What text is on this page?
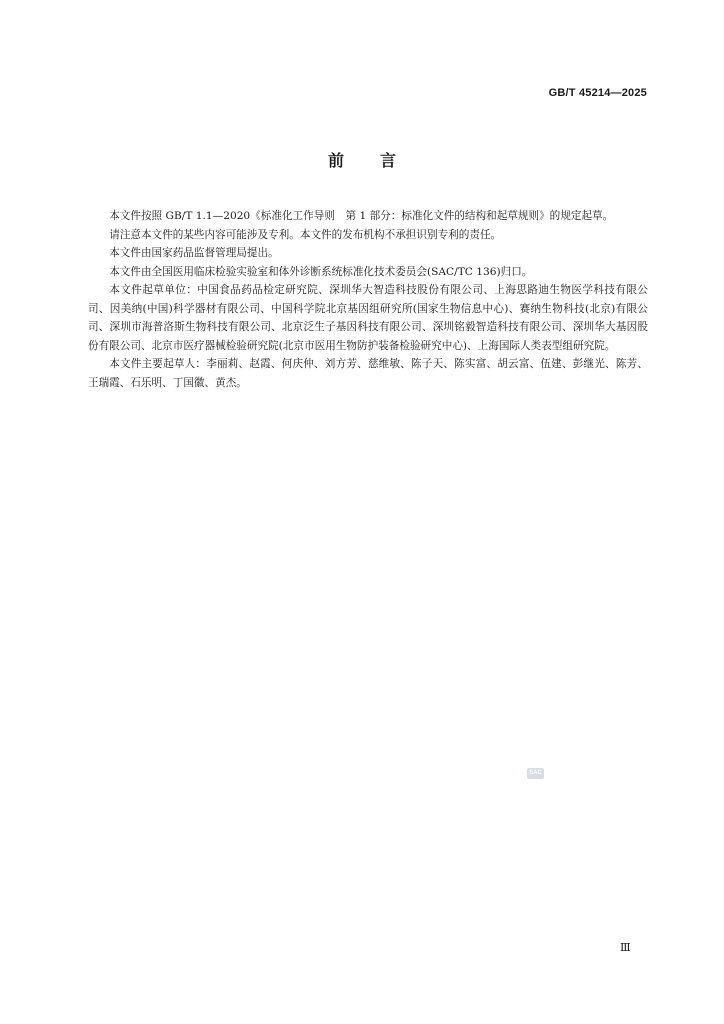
GB/T 45214—2025
前 言

本文件按照 GB/T 1.1—2020《标准化工作导则　第 1 部分：标准化文件的结构和起草规则》的规定起草。

请注意本文件的某些内容可能涉及专利。本文件的发布机构不承担识别专利的责任。

本文件由国家药品监督管理局提出。

本文件由全国医用临床检验实验室和体外诊断系统标准化技术委员会(SAC/TC 136)归口。

本文件起草单位：中国食品药品检定研究院、深圳华大智造科技股份有限公司、上海思路迪生物医学科技有限公司、因美纳(中国)科学器材有限公司、中国科学院北京基因组研究所(国家生物信息中心)、赛纳生物科技(北京)有限公司、深圳市海普洛斯生物科技有限公司、北京泛生子基因科技有限公司、深圳铭毅智造科技有限公司、深圳华大基因股份有限公司、北京市医疗器械检验研究院(北京市医用生物防护装备检验研究中心)、上海国际人类表型组研究院。

本文件主要起草人：李丽莉、赵霞、何庆仲、刘方芳、慈维敏、陈子天、陈实富、胡云富、伍建、彭继光、陈芳、王瑞霞、石乐明、丁国徽、黄杰。

SAC
Ⅲ
